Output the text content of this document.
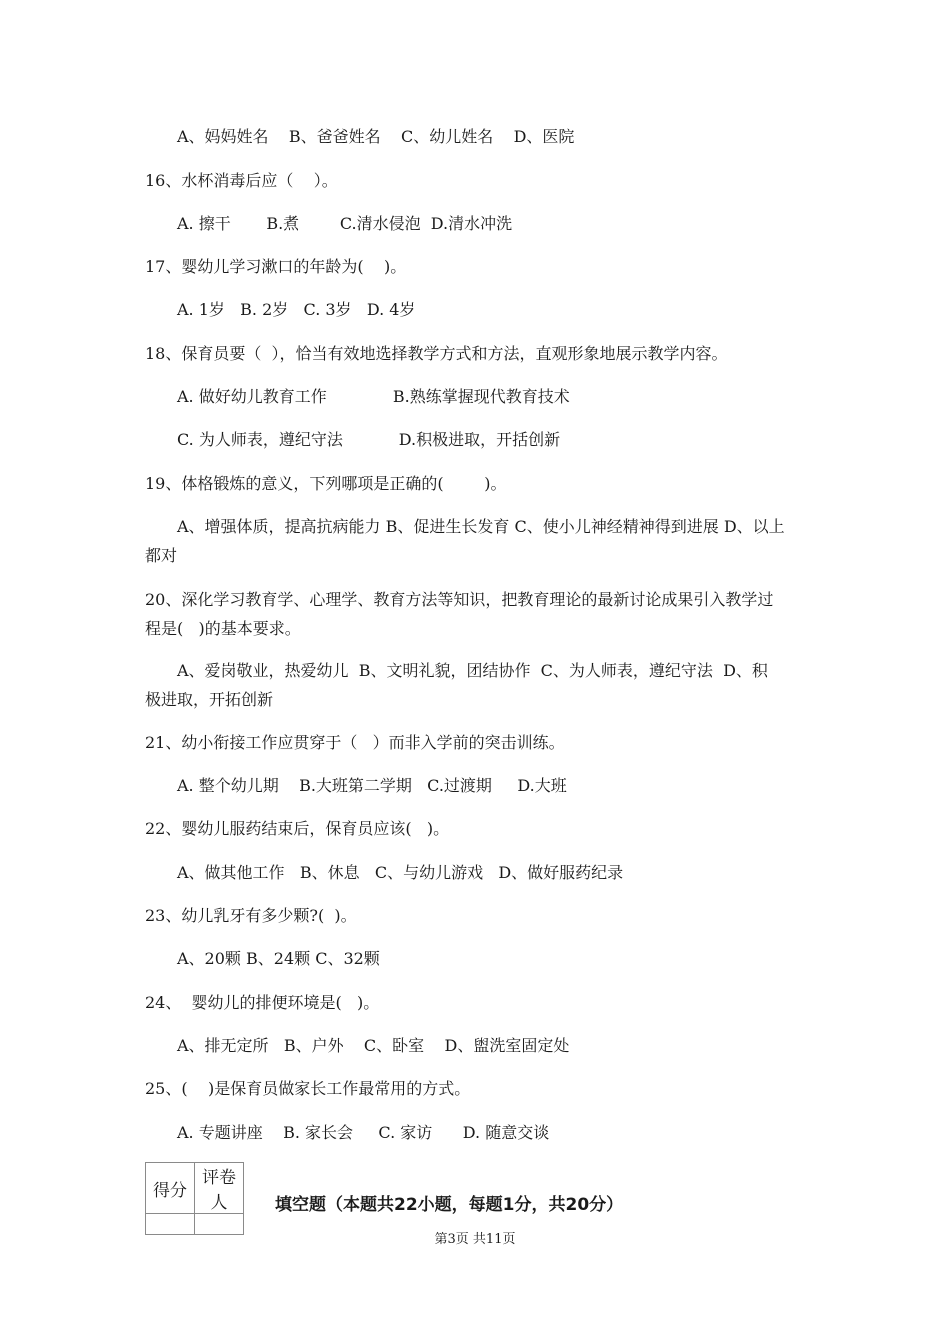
A、妈妈姓名    B、爸爸姓名    C、幼儿姓名    D、医院
16、水杯消毒后应（    ）。
A. 擦干       B.煮        C.清水侵泡  D.清水冲洗
17、婴幼儿学习漱口的年龄为(    )。
A. 1岁   B. 2岁   C. 3岁   D. 4岁
18、保育员要（  ），恰当有效地选择教学方式和方法，直观形象地展示教学内容。
A. 做好幼儿教育工作             B.熟练掌握现代教育技术
C. 为人师表，遵纪守法           D.积极进取，开括创新
19、体格锻炼的意义，下列哪项是正确的(        )。
A、增强体质，提高抗病能力 B、促进生长发育 C、使小儿神经精神得到进展 D、以上
都对
20、深化学习教育学、心理学、教育方法等知识，把教育理论的最新讨论成果引入教学过
程是(   )的基本要求。
A、爱岗敬业，热爱幼儿  B、文明礼貌，团结协作  C、为人师表，遵纪守法  D、积
极进取，开拓创新
21、幼小衔接工作应贯穿于（   ）而非入学前的突击训练。
A. 整个幼儿期    B.大班第二学期   C.过渡期     D.大班
22、婴幼儿服药结束后，保育员应该(   )。
A、做其他工作   B、休息   C、与幼儿游戏   D、做好服药纪录
23、幼儿乳牙有多少颗?(  )。
A、20颗 B、24颗 C、32颗
24、  婴幼儿的排便环境是(   )。
A、排无定所   B、户外    C、卧室    D、盥洗室固定处
25、(    )是保育员做家长工作最常用的方式。
A. 专题讲座    B. 家长会     C. 家访      D. 随意交谈
得分	评卷人
		填空题（本题共22小题，每题1分，共20分）
第3页 共11页
